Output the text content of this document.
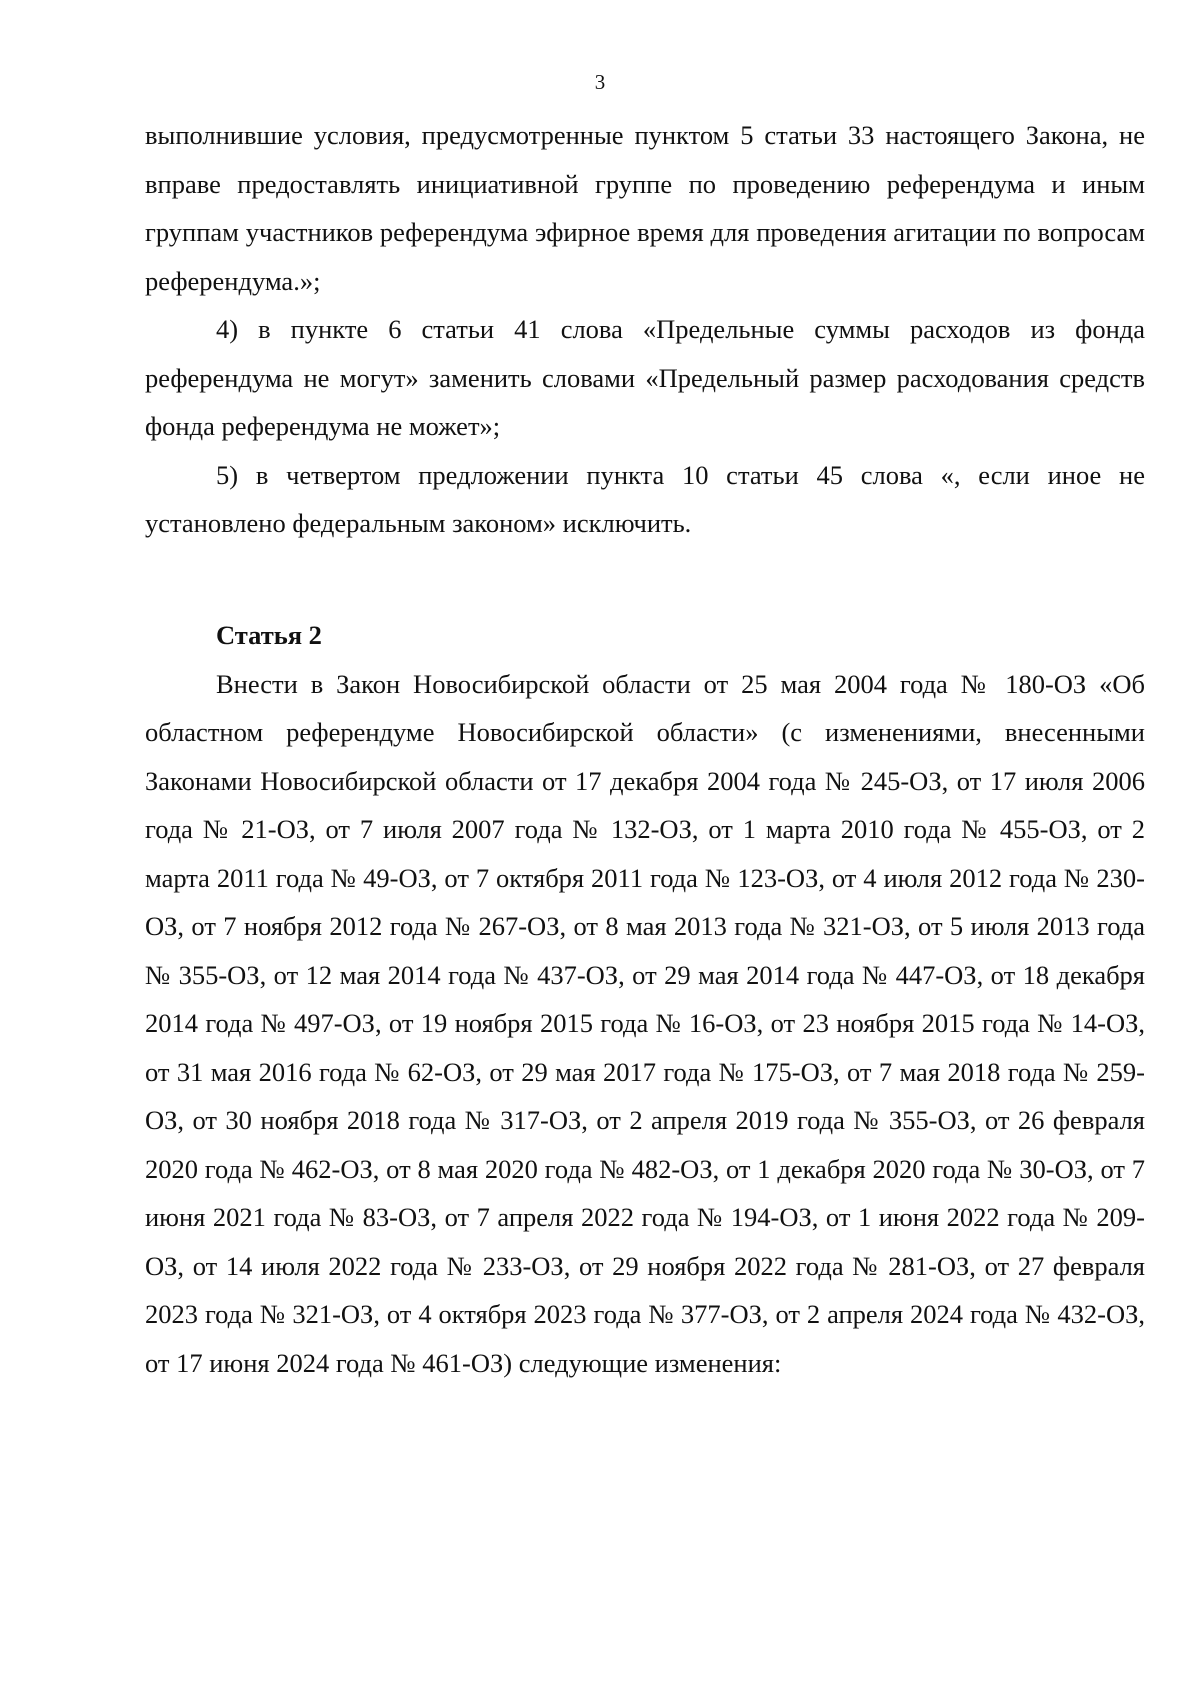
3

выполнившие условия, предусмотренные пунктом 5 статьи 33 настоящего Закона, не вправе предоставлять инициативной группе по проведению референдума и иным группам участников референдума эфирное время для проведения агитации по вопросам референдума.»;

4) в пункте 6 статьи 41 слова «Предельные суммы расходов из фонда референдума не могут» заменить словами «Предельный размер расходования средств фонда референдума не может»;

5) в четвертом предложении пункта 10 статьи 45 слова «, если иное не установлено федеральным законом» исключить.

Статья 2

Внести в Закон Новосибирской области от 25 мая 2004 года № 180-ОЗ «Об областном референдуме Новосибирской области» (с изменениями, внесенными Законами Новосибирской области от 17 декабря 2004 года № 245-ОЗ, от 17 июля 2006 года № 21-ОЗ, от 7 июля 2007 года № 132-ОЗ, от 1 марта 2010 года № 455-ОЗ, от 2 марта 2011 года № 49-ОЗ, от 7 октября 2011 года № 123-ОЗ, от 4 июля 2012 года № 230-ОЗ, от 7 ноября 2012 года № 267-ОЗ, от 8 мая 2013 года № 321-ОЗ, от 5 июля 2013 года № 355-ОЗ, от 12 мая 2014 года № 437-ОЗ, от 29 мая 2014 года № 447-ОЗ, от 18 декабря 2014 года № 497-ОЗ, от 19 ноября 2015 года № 16-ОЗ, от 23 ноября 2015 года № 14-ОЗ, от 31 мая 2016 года № 62-ОЗ, от 29 мая 2017 года № 175-ОЗ, от 7 мая 2018 года № 259-ОЗ, от 30 ноября 2018 года № 317-ОЗ, от 2 апреля 2019 года № 355-ОЗ, от 26 февраля 2020 года № 462-ОЗ, от 8 мая 2020 года № 482-ОЗ, от 1 декабря 2020 года № 30-ОЗ, от 7 июня 2021 года № 83-ОЗ, от 7 апреля 2022 года № 194-ОЗ, от 1 июня 2022 года № 209-ОЗ, от 14 июля 2022 года № 233-ОЗ, от 29 ноября 2022 года № 281-ОЗ, от 27 февраля 2023 года № 321-ОЗ, от 4 октября 2023 года № 377-ОЗ, от 2 апреля 2024 года № 432-ОЗ, от 17 июня 2024 года № 461-ОЗ) следующие изменения:
